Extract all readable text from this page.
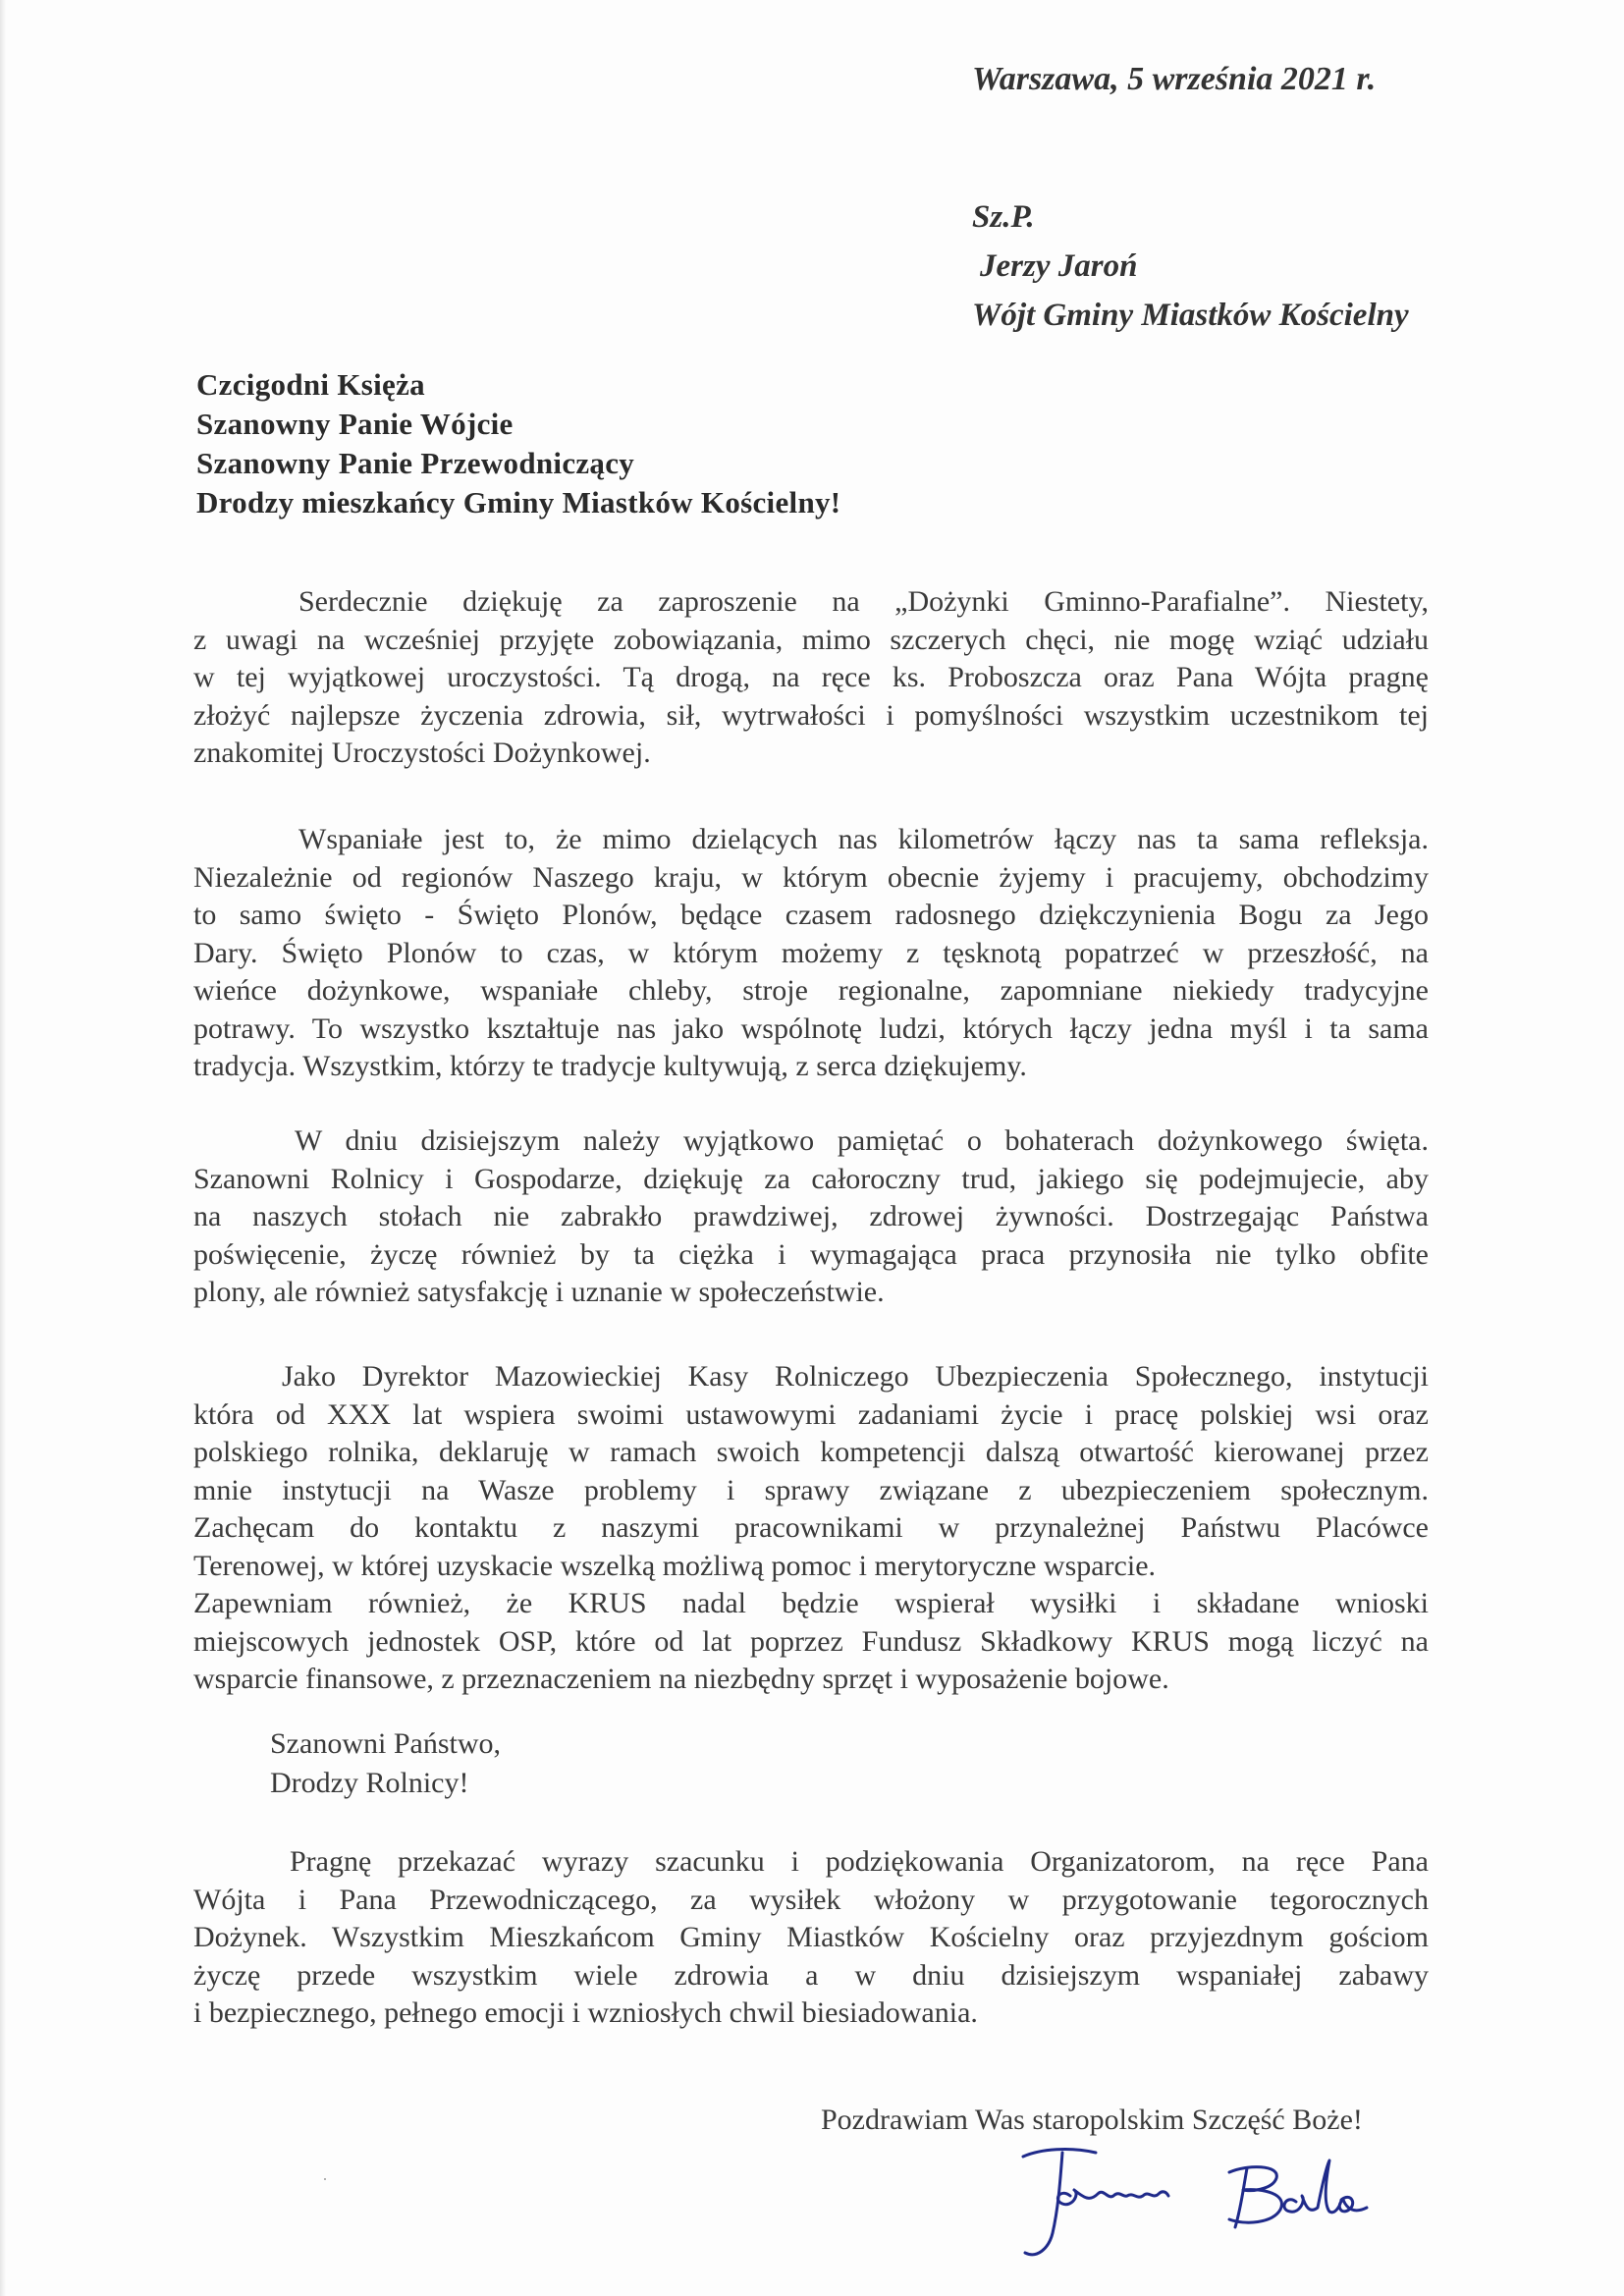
Warszawa, 5 września 2021 r.
Sz.P.
Jerzy Jaroń
Wójt Gminy Miastków Kościelny
Czcigodni Księża
Szanowny Panie Wójcie
Szanowny Panie Przewodniczący
Drodzy mieszkańcy Gminy Miastków Kościelny!
Serdecznie dziękuję za zaproszenie na „Dożynki Gminno-Parafialne”. Niestety,
z uwagi na wcześniej przyjęte zobowiązania, mimo szczerych chęci, nie mogę wziąć udziału
w tej wyjątkowej uroczystości. Tą drogą, na ręce ks. Proboszcza oraz Pana Wójta pragnę
złożyć najlepsze życzenia zdrowia, sił, wytrwałości i pomyślności wszystkim uczestnikom tej
znakomitej Uroczystości Dożynkowej.
Wspaniałe jest to, że mimo dzielących nas kilometrów łączy nas ta sama refleksja.
Niezależnie od regionów Naszego kraju, w którym obecnie żyjemy i pracujemy, obchodzimy
to samo święto - Święto Plonów, będące czasem radosnego dziękczynienia Bogu za Jego
Dary. Święto Plonów to czas, w którym możemy z tęsknotą popatrzeć w przeszłość, na
wieńce dożynkowe, wspaniałe chleby, stroje regionalne, zapomniane niekiedy tradycyjne
potrawy. To wszystko kształtuje nas jako wspólnotę ludzi, których łączy jedna myśl i ta sama
tradycja. Wszystkim, którzy te tradycje kultywują, z serca dziękujemy.
W dniu dzisiejszym należy wyjątkowo pamiętać o bohaterach dożynkowego święta.
Szanowni Rolnicy i Gospodarze, dziękuję za całoroczny trud, jakiego się podejmujecie, aby
na naszych stołach nie zabrakło prawdziwej, zdrowej żywności. Dostrzegając Państwa
poświęcenie, życzę również by ta ciężka i wymagająca praca przynosiła nie tylko obfite
plony, ale również satysfakcję i uznanie w społeczeństwie.
Jako Dyrektor Mazowieckiej Kasy Rolniczego Ubezpieczenia Społecznego, instytucji
która od XXX lat wspiera swoimi ustawowymi zadaniami życie i pracę polskiej wsi oraz
polskiego rolnika, deklaruję w ramach swoich kompetencji dalszą otwartość kierowanej przez
mnie instytucji na Wasze problemy i sprawy związane z ubezpieczeniem społecznym.
Zachęcam do kontaktu z naszymi pracownikami w przynależnej Państwu Placówce
Terenowej, w której uzyskacie wszelką możliwą pomoc i merytoryczne wsparcie.
Zapewniam również, że KRUS nadal będzie wspierał wysiłki i składane wnioski
miejscowych jednostek OSP, które od lat poprzez Fundusz Składkowy KRUS mogą liczyć na
wsparcie finansowe, z przeznaczeniem na niezbędny sprzęt i wyposażenie bojowe.
Szanowni Państwo,
Drodzy Rolnicy!
Pragnę przekazać wyrazy szacunku i podziękowania Organizatorom, na ręce Pana
Wójta i Pana Przewodniczącego, za wysiłek włożony w przygotowanie tegorocznych
Dożynek. Wszystkim Mieszkańcom Gminy Miastków Kościelny oraz przyjezdnym gościom
życzę przede wszystkim wiele zdrowia a w dniu dzisiejszym wspaniałej zabawy
i bezpiecznego, pełnego emocji i wzniosłych chwil biesiadowania.
Pozdrawiam Was staropolskim Szczęść Boże!
